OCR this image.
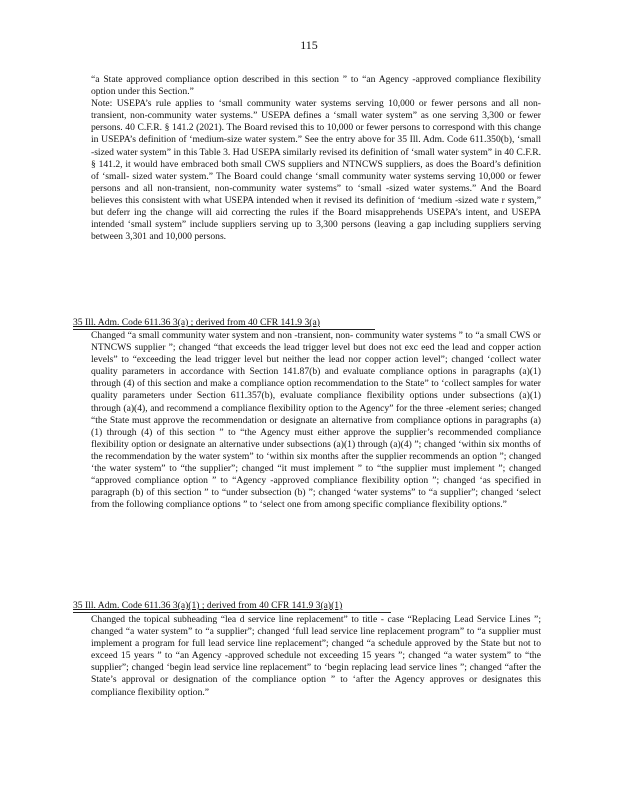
115

“a State approved compliance option described in this section ” to “an Agency -approved compliance flexibility option under this Section.”

Note: USEPA’s rule applies to ‘small community water systems serving 10,000 or fewer persons and all non-transient, non-community water systems.” USEPA defines a ‘small water system” as one serving 3,300 or fewer persons. 40 C.F.R. § 141.2 (2021). The Board revised this to 10,000 or fewer persons to correspond with this change in USEPA’s definition of ‘medium-size water system.” See the entry above for 35 Ill. Adm. Code 611.350(b), ‘small -sized water system” in this Table 3. Had USEPA similarly revised its definition of ‘small water system” in 40 C.F.R. § 141.2, it would have embraced both small CWS suppliers and NTNCWS suppliers, as does the Board’s definition of ‘small- sized water system.” The Board could change ‘small community water systems serving 10,000 or fewer persons and all non-transient, non-community water systems” to ‘small -sized water systems.” And the Board believes this consistent with what USEPA intended when it revised its definition of ‘medium -sized wate r system,” but deferr ing the change will aid correcting the rules if the Board misapprehends USEPA’s intent, and USEPA intended ‘small system” include suppliers serving up to 3,300 persons (leaving a gap including suppliers serving between 3,301 and 10,000 persons.

35 Ill. Adm. Code 611.36 3(a) ; derived from 40 CFR 141.9 3(a)
Changed “a small community water system and non -transient, non- community water systems ” to “a small CWS or NTNCWS supplier ”; changed “that exceeds the lead trigger level but does not exc eed the lead and copper action levels” to “exceeding the lead trigger level but neither the lead nor copper action level”; changed ‘collect water quality parameters in accordance with Section 141.87(b) and evaluate compliance options in paragraphs (a)(1) through (4) of this section and make a compliance option recommendation to the State” to ‘collect samples for water quality parameters under Section 611.357(b), evaluate compliance flexibility options under subsections (a)(1) through (a)(4), and recommend a compliance flexibility option to the Agency” for the three -element series; changed “the State must approve the recommendation or designate an alternative from compliance options in paragraphs (a)(1) through (4) of this section ” to “the Agency must either approve the supplier’s recommended compliance flexibility option or designate an alternative under subsections (a)(1) through (a)(4) ”; changed ‘within six months of the recommendation by the water system” to ‘within six months after the supplier recommends an option ”; changed ‘the water system” to “the supplier”; changed “it must implement ” to “the supplier must implement ”; changed “approved compliance option ” to “Agency -approved compliance flexibility option ”; changed ‘as specified in paragraph (b) of this section ” to “under subsection (b) ”; changed ‘water systems” to “a supplier”; changed ‘select from the following compliance options ” to ‘select one from among specific compliance flexibility options.”
35 Ill. Adm. Code 611.36 3(a)(1) ; derived from 40 CFR 141.9 3(a)(1)
Changed the topical subheading “lea d service line replacement” to title - case “Replacing Lead Service Lines ”; changed “a water system” to “a supplier”; changed ‘full lead service line replacement program” to “a supplier must implement a program for full lead service line replacement”; changed “a schedule approved by the State but not to exceed 15 years ” to “an Agency -approved schedule not exceeding 15 years ”; changed “a water system” to “the supplier”; changed ‘begin lead service line replacement” to ‘begin replacing lead service lines ”; changed “after the State’s approval or designation of the compliance option ” to ‘after the Agency approves or designates this compliance flexibility option.”
